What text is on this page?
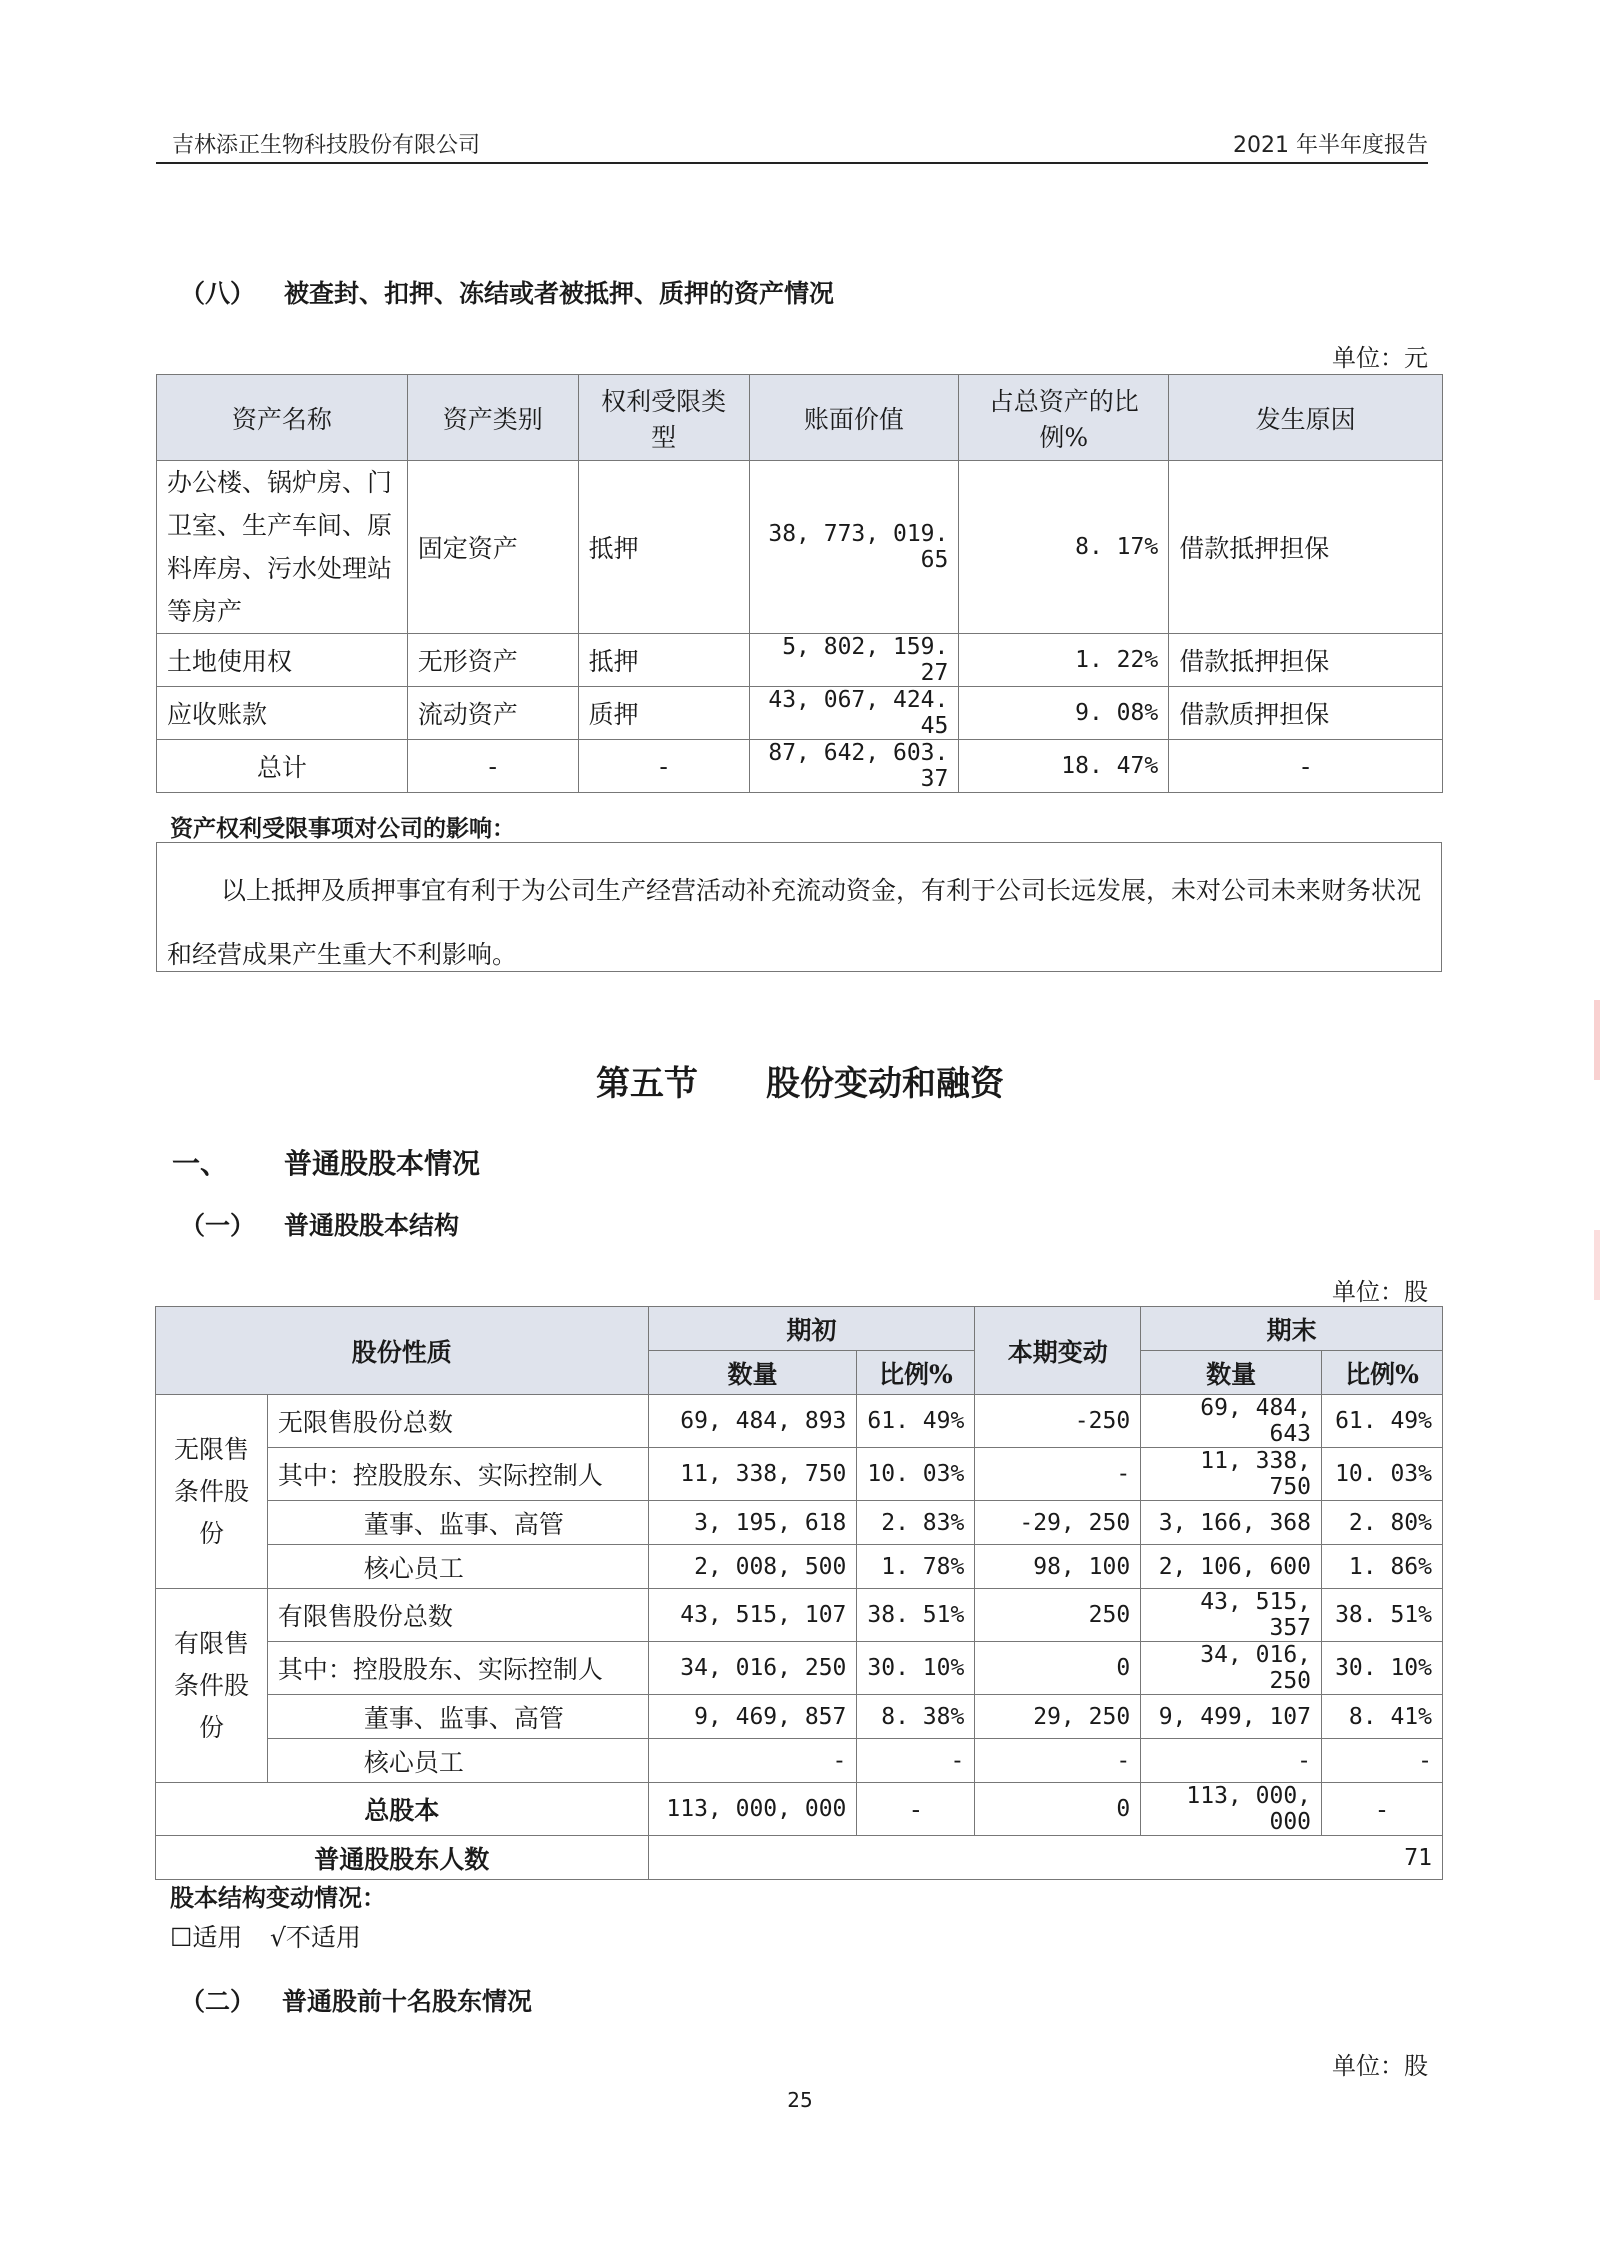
吉林添正生物科技股份有限公司	2021 年半年度报告
（八） 被查封、扣押、冻结或者被抵押、质押的资产情况
单位：元
资产名称	资产类别	权利受限类型	账面价值	占总资产的比例%	发生原因
办公楼、锅炉房、门卫室、生产车间、原料库房、污水处理站等房产	固定资产	抵押	38, 773, 019. 65	8. 17%	借款抵押担保
土地使用权	无形资产	抵押	5, 802, 159. 27	1. 22%	借款抵押担保
应收账款	流动资产	质押	43, 067, 424. 45	9. 08%	借款质押担保
总计	-	-	87, 642, 603. 37	18. 47%	-
资产权利受限事项对公司的影响：
以上抵押及质押事宜有利于为公司生产经营活动补充流动资金，有利于公司长远发展，未对公司未来财务状况和经营成果产生重大不利影响。
第五节　　股份变动和融资
一、 普通股股本情况
（一） 普通股股本结构
单位：股
股份性质		期初		本期变动	期末	
		数量	比例%		数量	比例%
无限售条件股份	无限售股份总数	69, 484, 893	61. 49%	-250	69, 484, 643	61. 49%
	其中：控股股东、实际控制人	11, 338, 750	10. 03%	-	11, 338, 750	10. 03%
	董事、监事、高管	3, 195, 618	2. 83%	-29, 250	3, 166, 368	2. 80%
	核心员工	2, 008, 500	1. 78%	98, 100	2, 106, 600	1. 86%
有限售条件股份	有限售股份总数	43, 515, 107	38. 51%	250	43, 515, 357	38. 51%
	其中：控股股东、实际控制人	34, 016, 250	30. 10%	0	34, 016, 250	30. 10%
	董事、监事、高管	9, 469, 857	8. 38%	29, 250	9, 499, 107	8. 41%
	核心员工	-	-	-	-	-
总股本		113, 000, 000	-	0	113, 000, 000	-
普通股股东人数		71				
股本结构变动情况：
☐适用 √不适用
（二） 普通股前十名股东情况
单位：股
25
